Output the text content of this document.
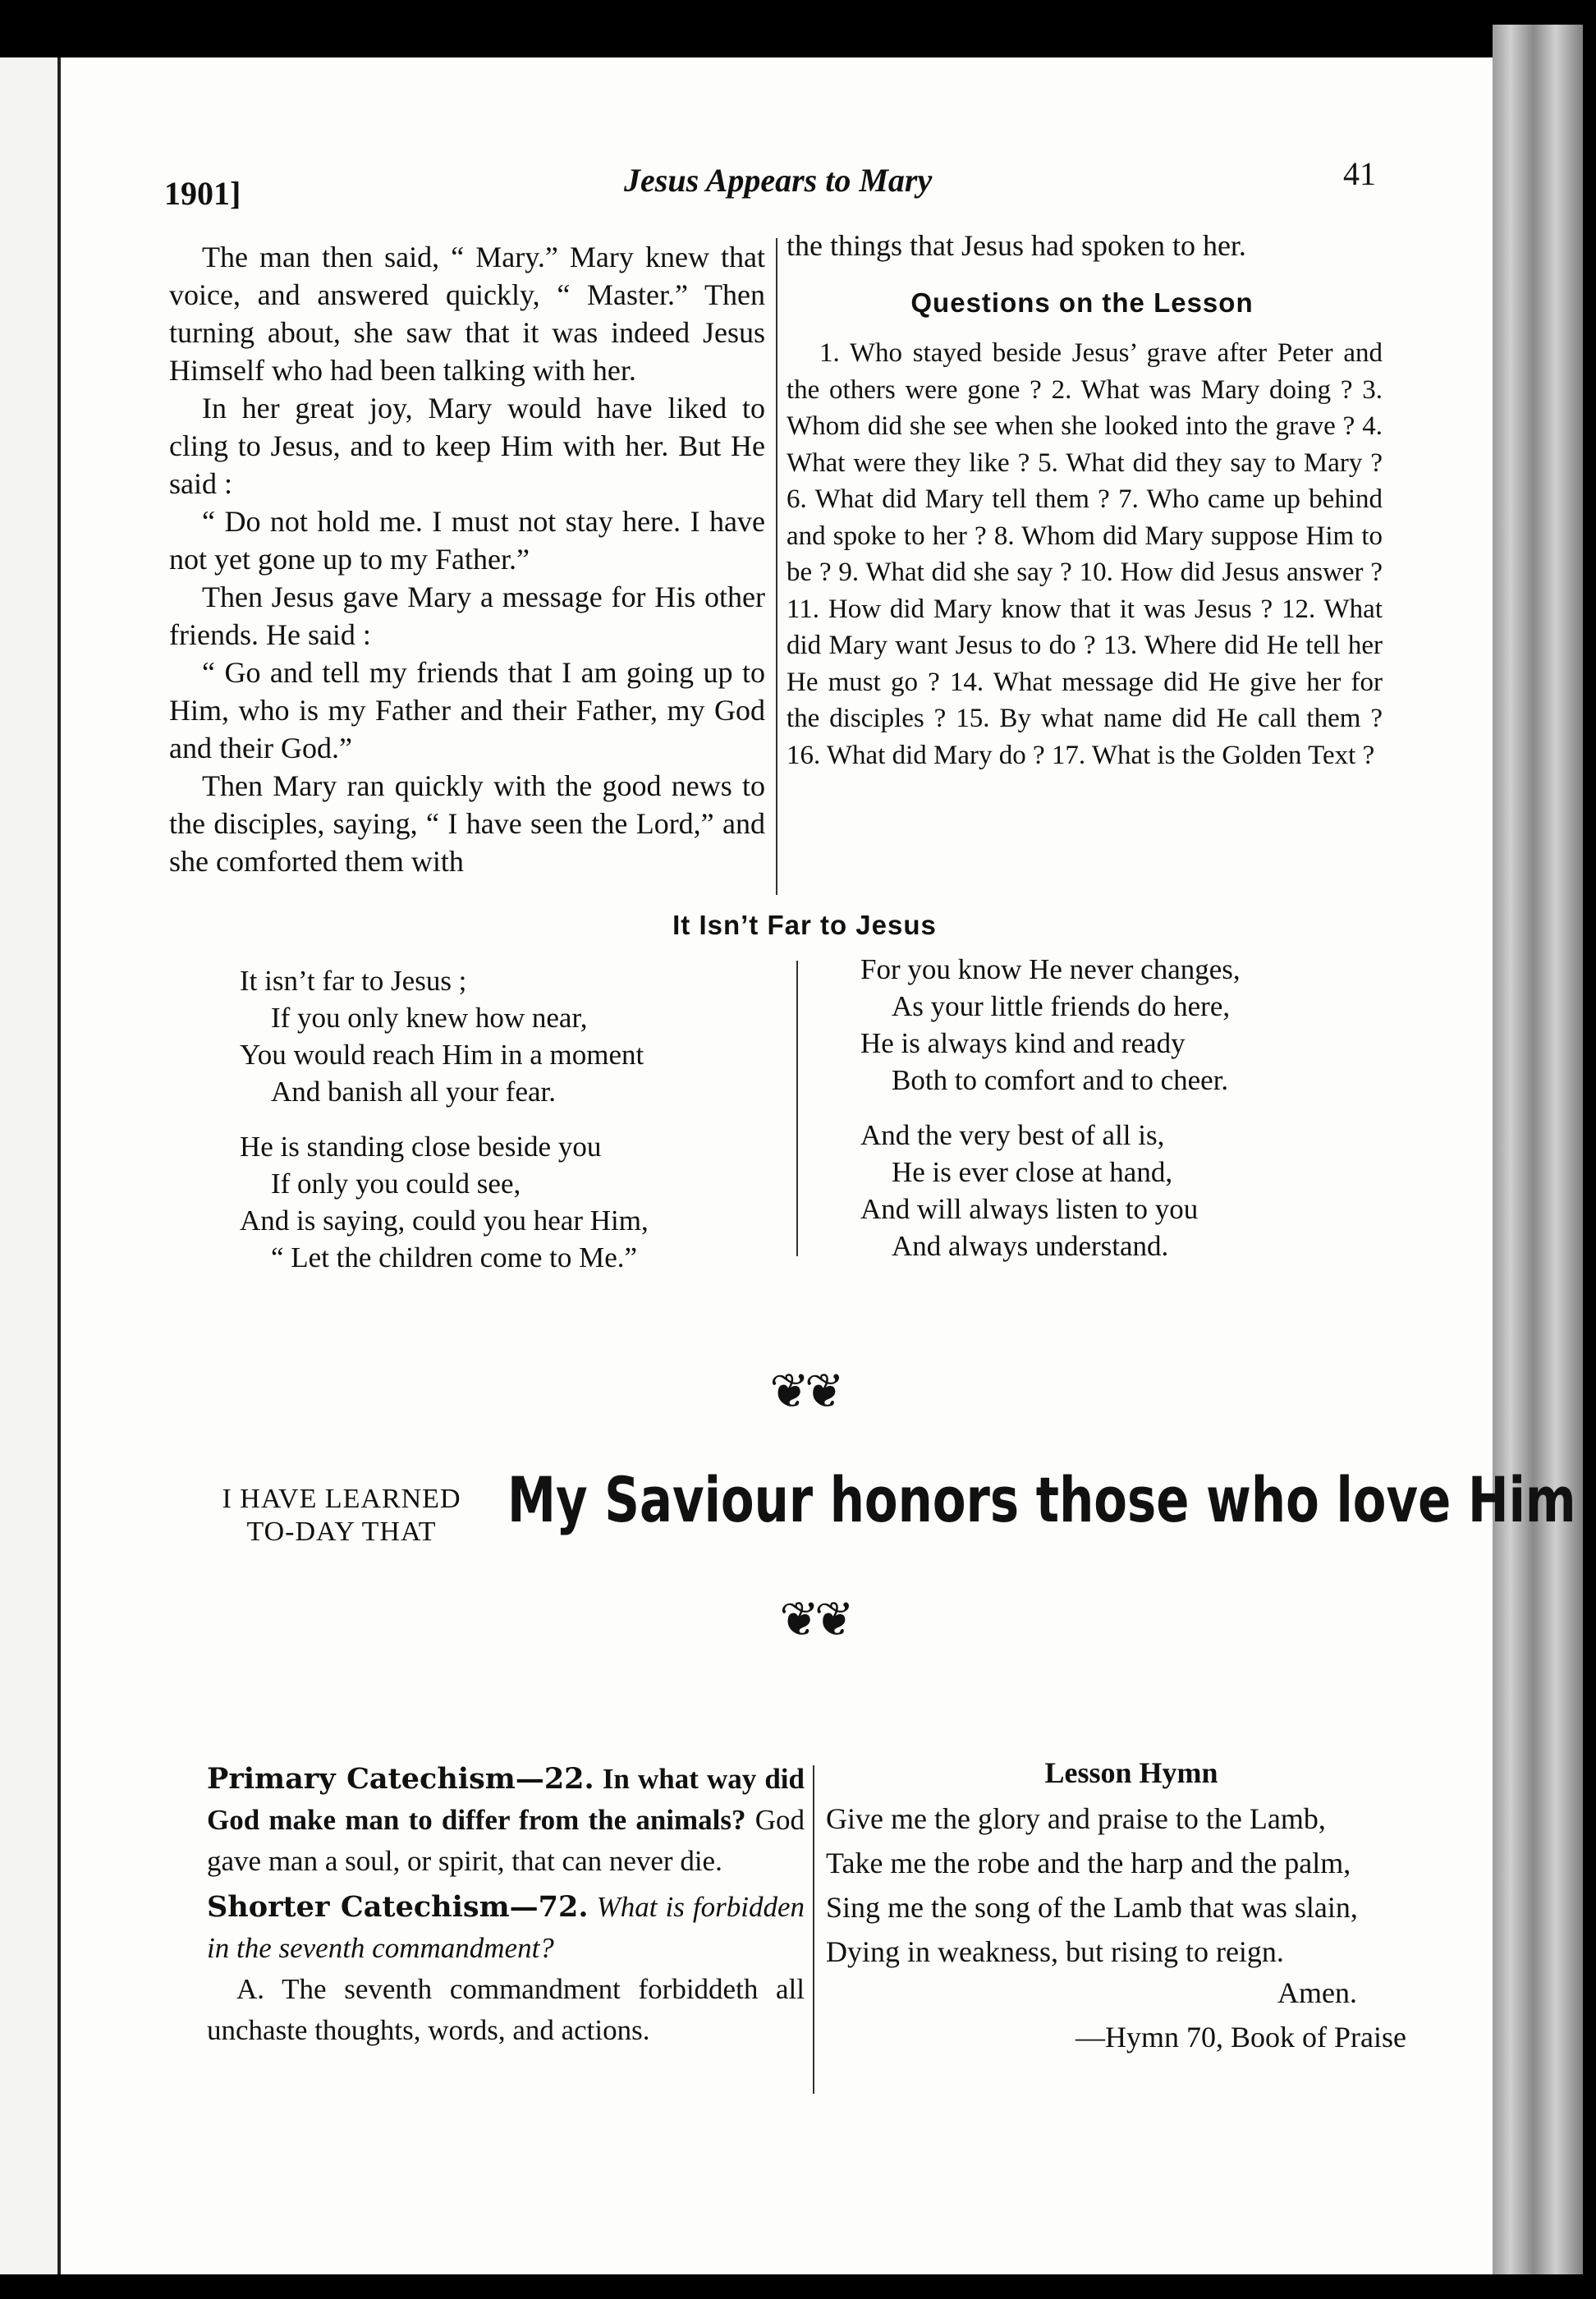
1901]	Jesus Appears to Mary	41

The man then said, “ Mary.” Mary knew that voice, and answered quickly, “ Master.” Then turning about, she saw that it was indeed Jesus Himself who had been talking with her.

In her great joy, Mary would have liked to cling to Jesus, and to keep Him with her. But He said :

“ Do not hold me. I must not stay here. I have not yet gone up to my Father.”

Then Jesus gave Mary a message for His other friends. He said :

“ Go and tell my friends that I am going up to Him, who is my Father and their Father, my God and their God.”

Then Mary ran quickly with the good news to the disciples, saying, “ I have seen the Lord,” and she comforted them with

the things that Jesus had spoken to her.

Questions on the Lesson

1. Who stayed beside Jesus’ grave after Peter and the others were gone ? 2. What was Mary doing ? 3. Whom did she see when she looked into the grave ? 4. What were they like ? 5. What did they say to Mary ? 6. What did Mary tell them ? 7. Who came up behind and spoke to her ? 8. Whom did Mary suppose Him to be ? 9. What did she say ? 10. How did Jesus answer ? 11. How did Mary know that it was Jesus ? 12. What did Mary want Jesus to do ? 13. Where did He tell her He must go ? 14. What message did He give her for the disciples ? 15. By what name did He call them ? 16. What did Mary do ? 17. What is the Golden Text ?

It Isn’t Far to Jesus
It isn’t far to Jesus ;
If you only knew how near,
You would reach Him in a moment
And banish all your fear.
He is standing close beside you
If only you could see,
And is saying, could you hear Him,
“ Let the children come to Me.”
For you know He never changes,
As your little friends do here,
He is always kind and ready
Both to comfort and to cheer.
And the very best of all is,
He is ever close at hand,
And will always listen to you
And always understand.
❦❦
I HAVE LEARNED
TO-DAY THAT	My Saviour honors those who love Him
❦❦
Primary Catechism—22. In what way did God make man to differ from the animals? God gave man a soul, or spirit, that can never die.
Shorter Catechism—72. What is forbidden in the seventh commandment?
A. The seventh commandment forbiddeth all unchaste thoughts, words, and actions.
Lesson Hymn
Give me the glory and praise to the Lamb,
Take me the robe and the harp and the palm,
Sing me the song of the Lamb that was slain,
Dying in weakness, but rising to reign.
Amen.
—Hymn 70, Book of Praise
